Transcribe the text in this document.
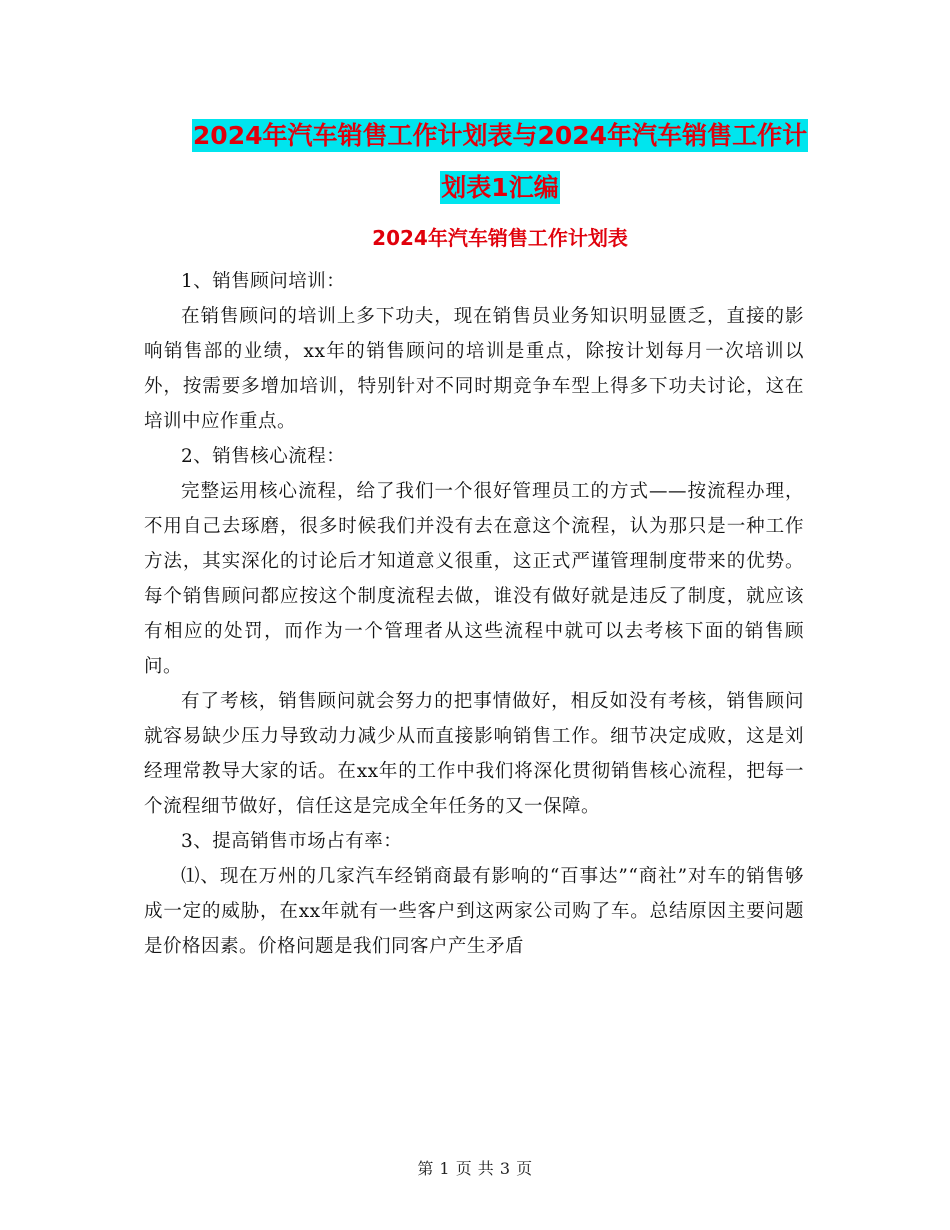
2024年汽车销售工作计划表与2024年汽车销售工作计
划表1汇编
2024年汽车销售工作计划表

1、销售顾问培训：

在销售顾问的培训上多下功夫，现在销售员业务知识明显匮乏，直接的影响销售部的业绩，xx年的销售顾问的培训是重点，除按计划每月一次培训以外，按需要多增加培训，特别针对不同时期竞争车型上得多下功夫讨论，这在培训中应作重点。

2、销售核心流程：

完整运用核心流程，给了我们一个很好管理员工的方式——按流程办理，不用自己去琢磨，很多时候我们并没有去在意这个流程，认为那只是一种工作方法，其实深化的讨论后才知道意义很重，这正式严谨管理制度带来的优势。每个销售顾问都应按这个制度流程去做，谁没有做好就是违反了制度，就应该有相应的处罚，而作为一个管理者从这些流程中就可以去考核下面的销售顾问。

有了考核，销售顾问就会努力的把事情做好，相反如没有考核，销售顾问就容易缺少压力导致动力减少从而直接影响销售工作。细节决定成败，这是刘经理常教导大家的话。在xx年的工作中我们将深化贯彻销售核心流程，把每一个流程细节做好，信任这是完成全年任务的又一保障。

3、提高销售市场占有率：

⑴、现在万州的几家汽车经销商最有影响的“百事达”“商社”对车的销售够成一定的威胁，在xx年就有一些客户到这两家公司购了车。总结原因主要问题是价格因素。价格问题是我们同客户产生矛盾

第 1 页 共 3 页
